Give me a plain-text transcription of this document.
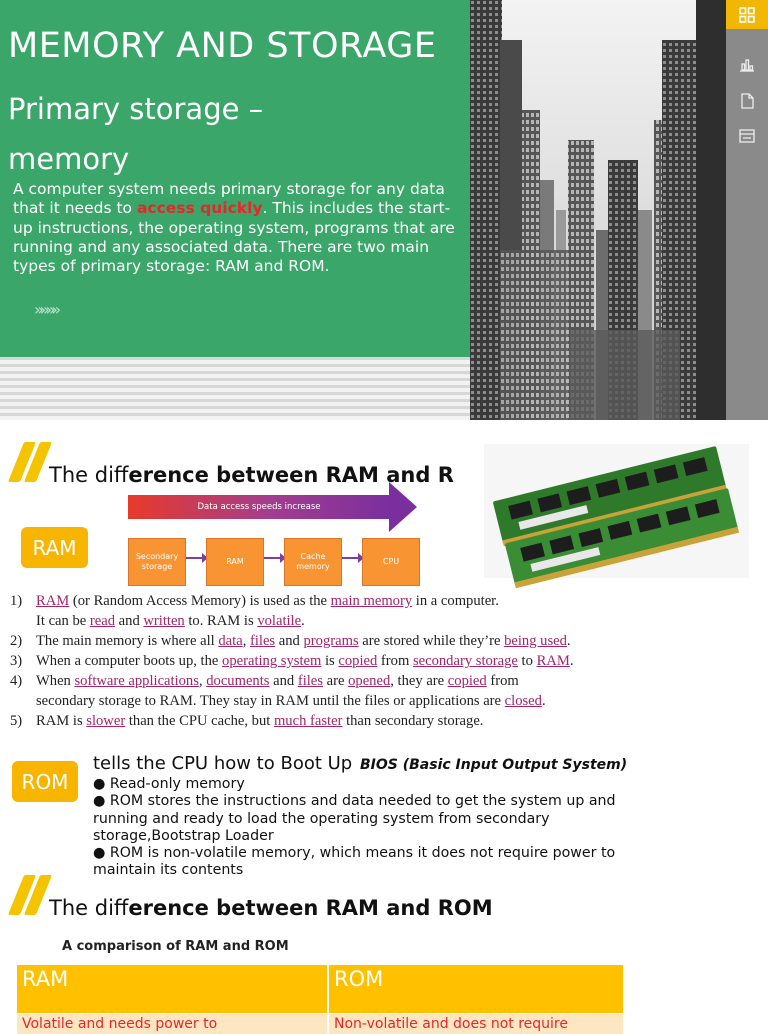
MEMORY AND STORAGE
Primary storage – memory
A computer system needs primary storage for any data that it needs to access quickly. This includes the start-up instructions, the operating system, programs that are running and any associated data. There are two main types of primary storage: RAM and ROM.
»»»»
The difference between RAM and R
Data access speeds increase
RAM	Secondary storage
RAM
Cache memory
CPU
1) RAM (or Random Access Memory) is used as the main memory in a computer.
It can be read and written to. RAM is volatile.
2) The main memory is where all data, files and programs are stored while they’re being used.
3) When a computer boots up, the operating system is copied from secondary storage to RAM.
4) When software applications, documents and files are opened, they are copied from
secondary storage to RAM. They stay in RAM until the files or applications are closed.
5) RAM is slower than the CPU cache, but much faster than secondary storage.
ROM
tells the CPU how to Boot Up BIOS (Basic Input Output System)
● Read-only memory
● ROM stores the instructions and data needed to get the system up and running and ready to load the operating system from secondary storage,Bootstrap Loader
● ROM is non-volatile memory, which means it does not require power to maintain its contents
The difference between RAM and ROM
A comparison of RAM and ROM
RAM	ROM
Volatile and needs power to	Non-volatile and does not require
